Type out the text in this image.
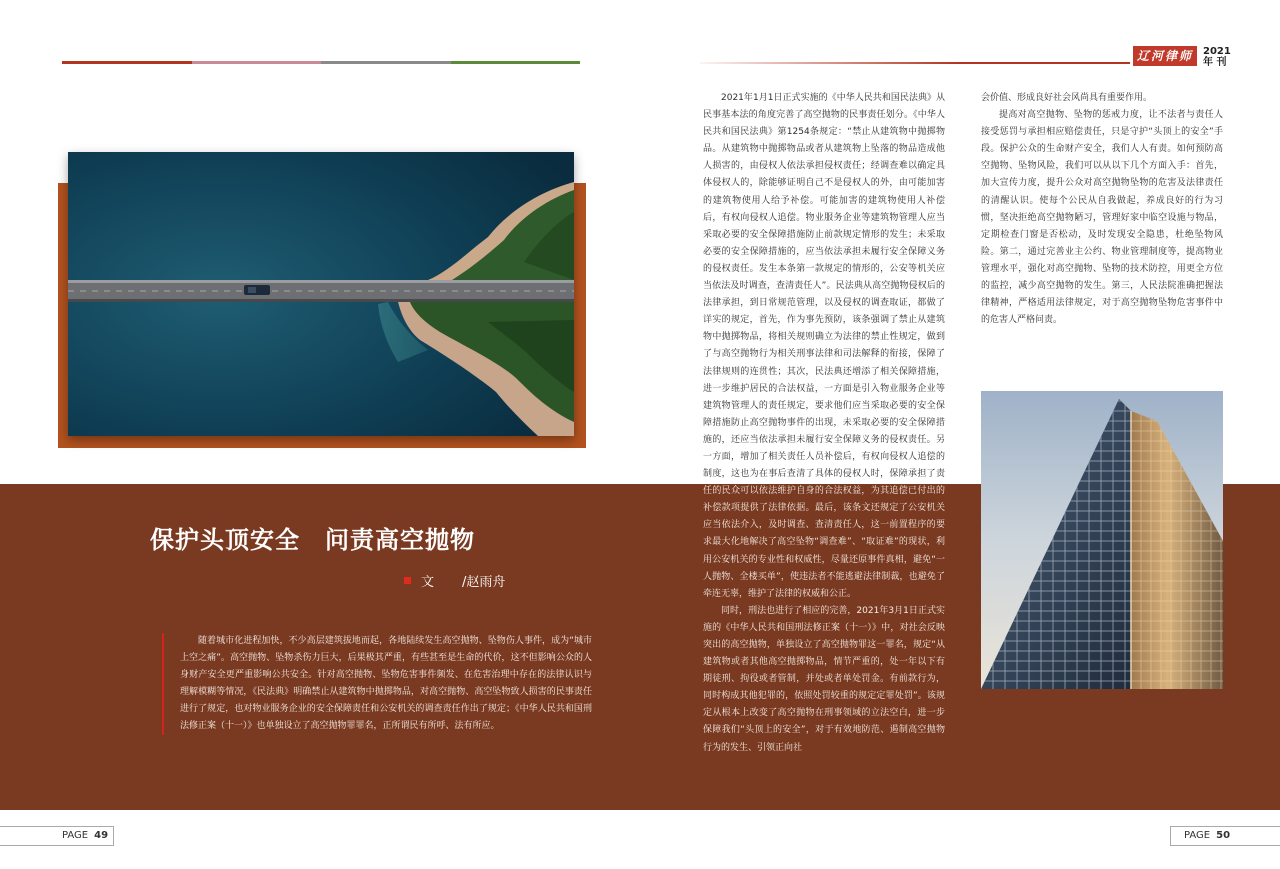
辽河律师	2021
年 刊
保护头顶安全　问责高空抛物
文 /赵雨舟
随着城市化进程加快，不少高层建筑拔地而起，各地陆续发生高空抛物、坠物伤人事件，成为“城市上空之痛”。高空抛物、坠物杀伤力巨大，后果极其严重，有些甚至是生命的代价，这不但影响公众的人身财产安全更严重影响公共安全。针对高空抛物、坠物危害事件频发、在危害治理中存在的法律认识与理解模糊等情况，《民法典》明确禁止从建筑物中抛掷物品，对高空抛物、高空坠物致人损害的民事责任进行了规定，也对物业服务企业的安全保障责任和公安机关的调查责任作出了规定；《中华人民共和国刑法修正案（十一）》也单独设立了高空抛物罪罪名，正所谓民有所呼、法有所应。

2021年1月1日正式实施的《中华人民共和国民法典》从民事基本法的角度完善了高空抛物的民事责任划分。《中华人民共和国民法典》第1254条规定：“禁止从建筑物中抛掷物品。从建筑物中抛掷物品或者从建筑物上坠落的物品造成他人损害的，由侵权人依法承担侵权责任；经调查难以确定具体侵权人的，除能够证明自己不是侵权人的外，由可能加害的建筑物使用人给予补偿。可能加害的建筑物使用人补偿后，有权向侵权人追偿。物业服务企业等建筑物管理人应当采取必要的安全保障措施防止前款规定情形的发生；未采取必要的安全保障措施的，应当依法承担未履行安全保障义务的侵权责任。发生本条第一款规定的情形的，公安等机关应当依法及时调查，查清责任人”。民法典从高空抛物侵权后的法律承担，到日常规范管理，以及侵权的调查取证，都做了详实的规定，首先，作为事先预防，该条强调了禁止从建筑物中抛掷物品，将相关规则确立为法律的禁止性规定，做到了与高空抛物行为相关刑事法律和司法解释的衔接，保障了法律规则的连贯性；其次，民法典还增添了相关保障措施，进一步维护居民的合法权益，一方面是引入物业服务企业等建筑物管理人的责任规定，要求他们应当采取必要的安全保障措施防止高空抛物事件的出现，未采取必要的安全保障措施的，还应当依法承担未履行安全保障义务的侵权责任。另一方面，增加了相关责任人员补偿后，有权向侵权人追偿的制度，这也为在事后查清了具体的侵权人时，保障承担了责

任的民众可以依法维护自身的合法权益，为其追偿已付出的补偿款项提供了法律依据。最后，该条文还规定了公安机关应当依法介入，及时调查、查清责任人，这一前置程序的要求最大化地解决了高空坠物“调查难”、“取证难”的现状，利用公安机关的专业性和权威性，尽量还原事件真相，避免“一人抛物、全楼买单”，使违法者不能逃避法律制裁，也避免了牵连无辜，维护了法律的权威和公正。

同时，刑法也进行了相应的完善，2021年3月1日正式实施的《中华人民共和国刑法修正案（十一）》中，对社会反映突出的高空抛物，单独设立了高空抛物罪这一罪名，规定“从建筑物或者其他高空抛掷物品，情节严重的，处一年以下有期徒刑、拘役或者管制，并处或者单处罚金。有前款行为，同时构成其他犯罪的，依照处罚较重的规定定罪处罚”。该规定从根本上改变了高空抛物在刑事领域的立法空白，进一步保障我们“头顶上的安全”，对于有效地防范、遏制高空抛物行为的发生、引领正向社

会价值、形成良好社会风尚具有重要作用。

提高对高空抛物、坠物的惩戒力度，让不法者与责任人接受惩罚与承担相应赔偿责任，只是守护“头顶上的安全”手段。保护公众的生命财产安全，我们人人有责。如何预防高空抛物、坠物风险，我们可以从以下几个方面入手：首先，加大宣传力度，提升公众对高空抛物坠物的危害及法律责任的清醒认识。使每个公民从自我做起，养成良好的行为习惯，坚决拒绝高空抛物陋习，管理好家中临空设施与物品，定期检查门窗是否松动，及时发现安全隐患，杜绝坠物风险。第二，通过完善业主公约、物业管理制度等，提高物业管理水平，强化对高空抛物、坠物的技术防控，用更全方位的监控，减少高空抛物的发生。第三，人民法院准确把握法律精神，严格适用法律规定，对于高空抛物坠物危害事件中的危害人严格问责。

PAGE 49	PAGE 50
